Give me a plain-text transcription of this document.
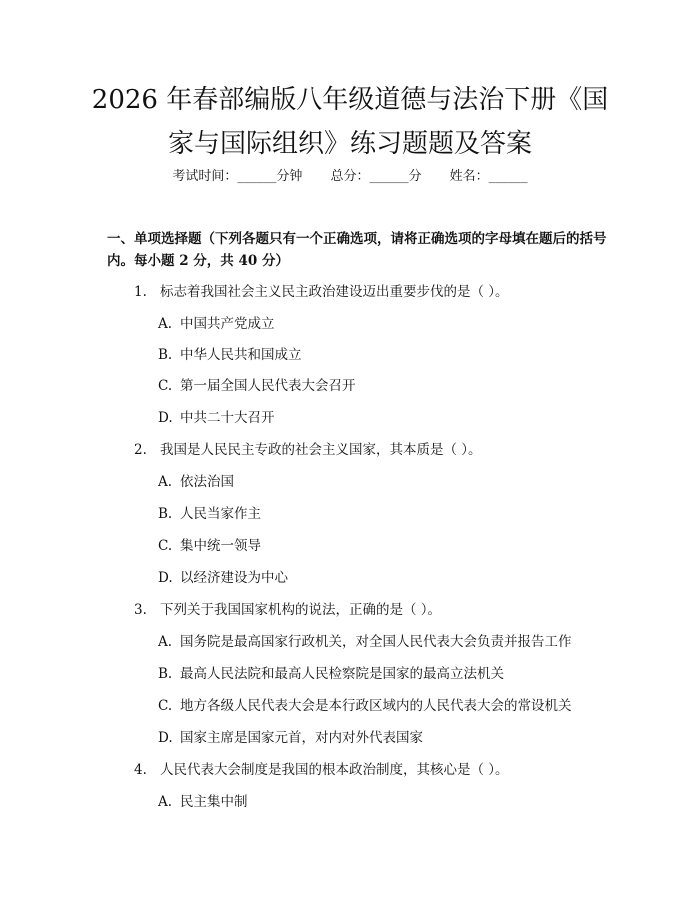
2026 年春部编版八年级道德与法治下册《国
家与国际组织》练习题题及答案
考试时间：______分钟 总分：______分 姓名：______
一、单项选择题（下列各题只有一个正确选项，请将正确选项的字母填在题后的括号内。每小题 2 分，共 40 分）
1. 标志着我国社会主义民主政治建设迈出重要步伐的是（ ）。
A. 中国共产党成立
B. 中华人民共和国成立
C. 第一届全国人民代表大会召开
D. 中共二十大召开
2. 我国是人民民主专政的社会主义国家，其本质是（ ）。
A. 依法治国
B. 人民当家作主
C. 集中统一领导
D. 以经济建设为中心
3. 下列关于我国国家机构的说法，正确的是（ ）。
A. 国务院是最高国家行政机关，对全国人民代表大会负责并报告工作
B. 最高人民法院和最高人民检察院是国家的最高立法机关
C. 地方各级人民代表大会是本行政区域内的人民代表大会的常设机关
D. 国家主席是国家元首，对内对外代表国家
4. 人民代表大会制度是我国的根本政治制度，其核心是（ ）。
A. 民主集中制
